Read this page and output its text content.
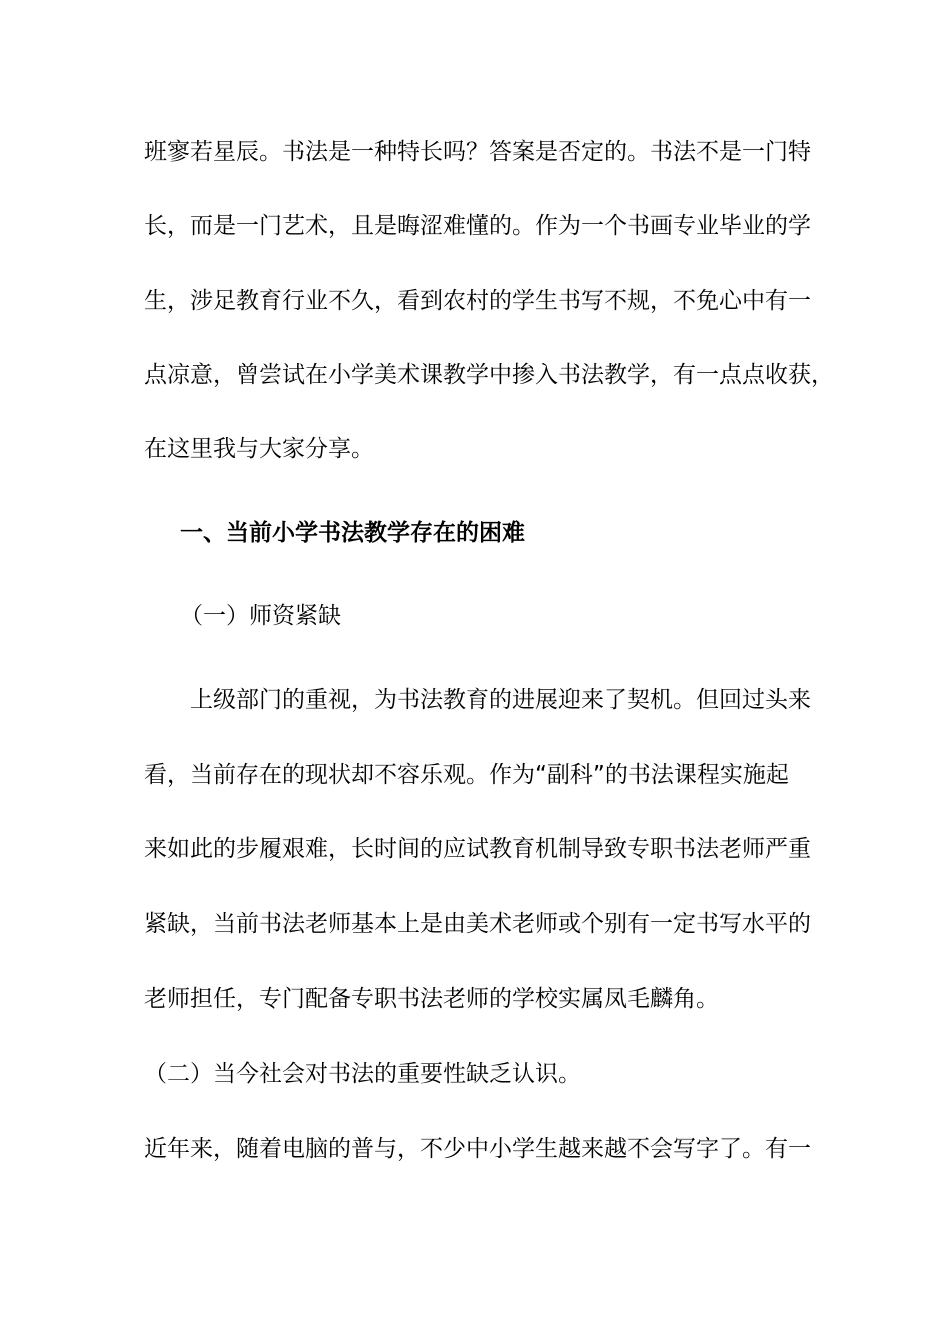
班寥若星辰。书法是一种特长吗？答案是否定的。书法不是一门特
长，而是一门艺术，且是晦涩难懂的。作为一个书画专业毕业的学
生，涉足教育行业不久，看到农村的学生书写不规，不免心中有一
点凉意，曾尝试在小学美术课教学中掺入书法教学，有一点点收获，
在这里我与大家分享。
一、当前小学书法教学存在的困难
（一）师资紧缺
上级部门的重视，为书法教育的进展迎来了契机。但回过头来
看，当前存在的现状却不容乐观。作为“副科”的书法课程实施起
来如此的步履艰难，长时间的应试教育机制导致专职书法老师严重
紧缺，当前书法老师基本上是由美术老师或个别有一定书写水平的
老师担任，专门配备专职书法老师的学校实属凤毛麟角。
（二）当今社会对书法的重要性缺乏认识。
近年来，随着电脑的普与，不少中小学生越来越不会写字了。有一
